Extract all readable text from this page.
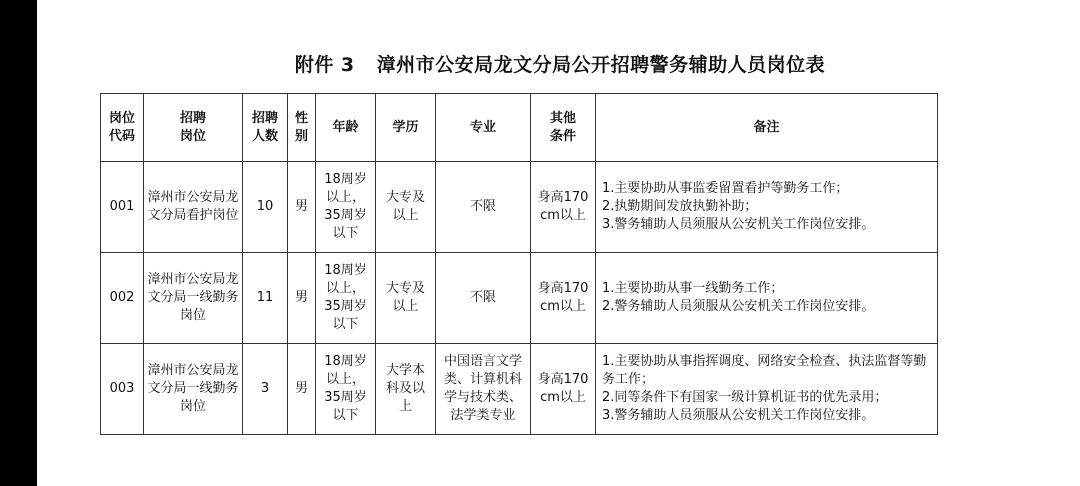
附件 3 漳州市公安局龙文分局公开招聘警务辅助人员岗位表
岗位代码	招聘岗位	招聘人数	性别	年龄	学历	专业	其他条件	备注
001	漳州市公安局龙文分局看护岗位	10	男	18周岁以上，35周岁以下	大专及以上	不限	身高170cm以上	1.主要协助从事监委留置看护等勤务工作；
2.执勤期间发放执勤补助；
3.警务辅助人员须服从公安机关工作岗位安排。

002	漳州市公安局龙文分局一线勤务岗位	11	男	18周岁以上，35周岁以下	大专及以上	不限	身高170cm以上	1.主要协助从事一线勤务工作；
2.警务辅助人员须服从公安机关工作岗位安排。

003	漳州市公安局龙文分局一线勤务岗位	3	男	18周岁以上，35周岁以下	大学本科及以上	中国语言文学类、计算机科学与技术类、法学类专业	身高170cm以上	1.主要协助从事指挥调度、网络安全检查、执法监督等勤务工作；
2.同等条件下有国家一级计算机证书的优先录用；
3.警务辅助人员须服从公安机关工作岗位安排。
